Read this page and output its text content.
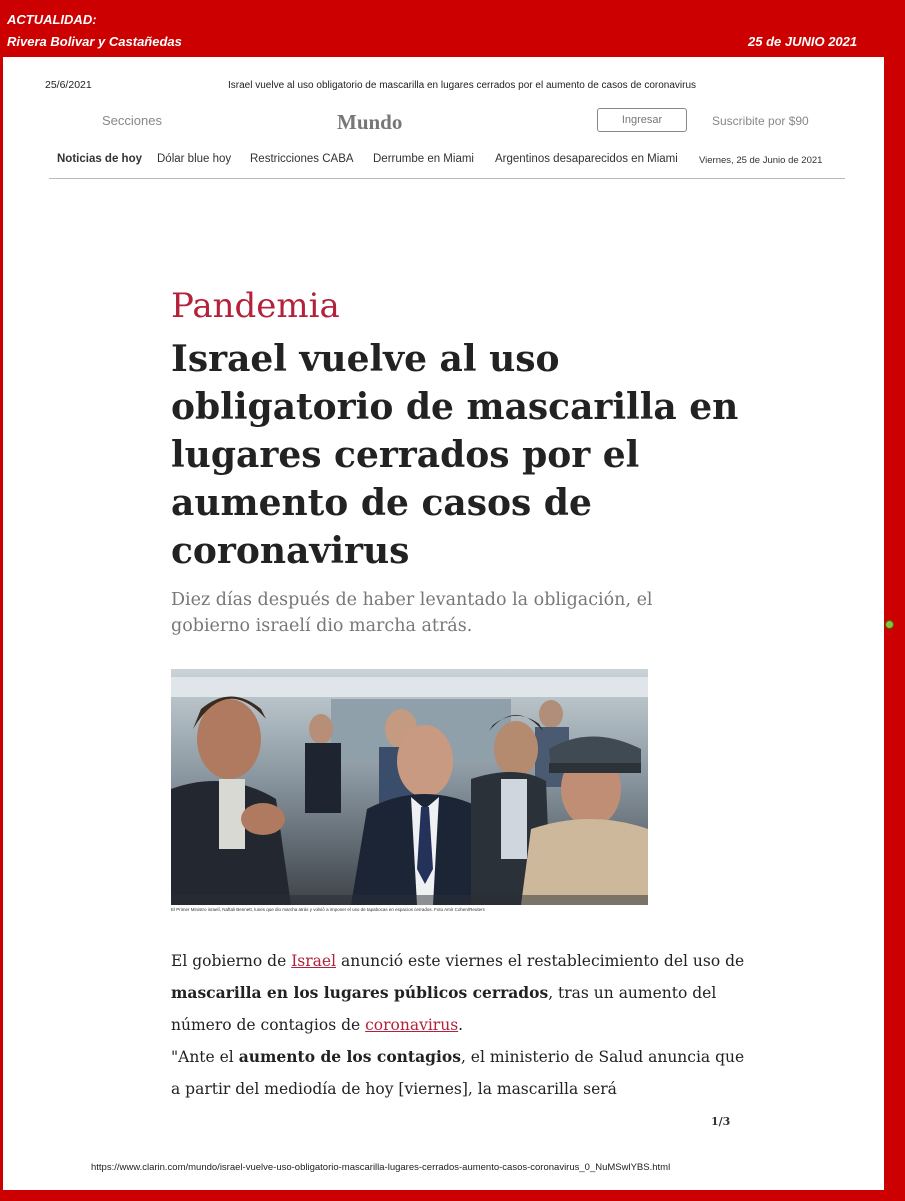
ACTUALIDAD:
Rivera Bolivar y Castañedas	25 de JUNIO 2021
25/6/2021	Israel vuelve al uso obligatorio de mascarilla en lugares cerrados por el aumento de casos de coronavirus
Secciones	Mundo	Ingresar	Suscribite por $90
Noticias de hoy Dólar blue hoy Restricciones CABA Derrumbe en Miami Argentinos desaparecidos en Miami Viernes, 25 de Junio de 2021
Pandemia
Israel vuelve al uso obligatorio de mascarilla en lugares cerrados por el aumento de casos de coronavirus
Diez días después de haber levantado la obligación, el gobierno israelí dio marcha atrás.
El Primer Ministro israelí, Naftali Bennett, lunes que dio marcha atrás y volvió a imponer el uso de tapabocas en espacios cerrados. Foto Amir Cohen/Reuters

El gobierno de Israel anunció este viernes el restablecimiento del uso de mascarilla en los lugares públicos cerrados, tras un aumento del número de contagios de coronavirus.

"Ante el aumento de los contagios, el ministerio de Salud anuncia que a partir del mediodía de hoy [viernes], la mascarilla será

1/3
https://www.clarin.com/mundo/israel-vuelve-uso-obligatorio-mascarilla-lugares-cerrados-aumento-casos-coronavirus_0_NuMSwlYBS.html
